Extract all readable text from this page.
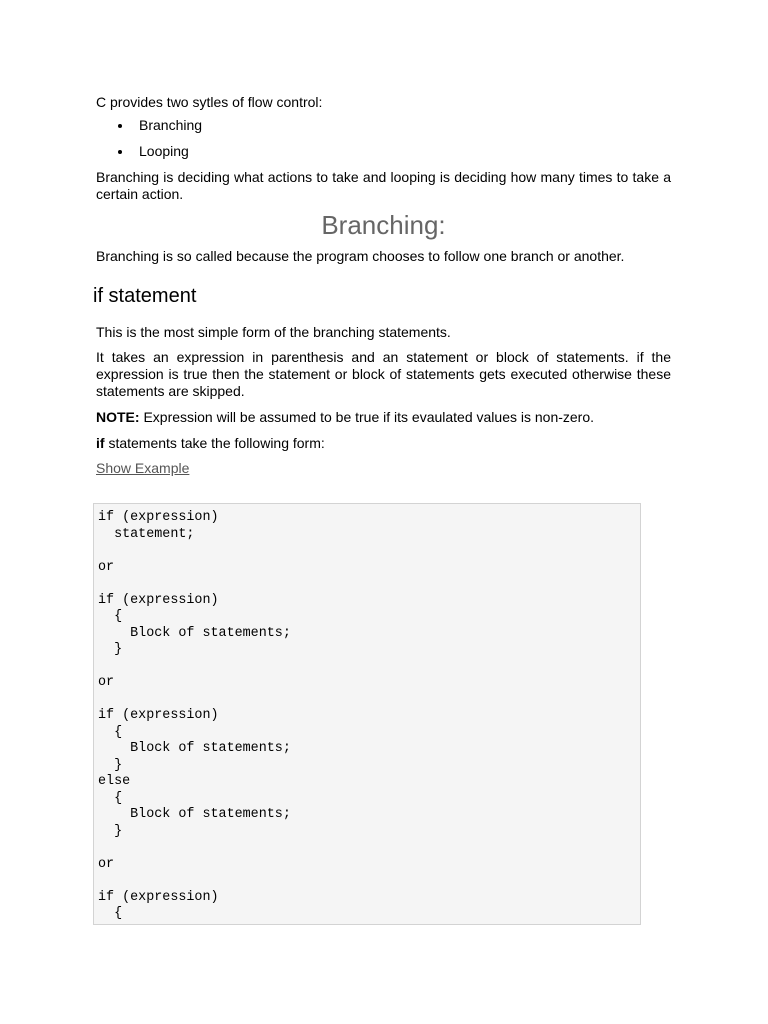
C provides two sytles of flow control:

Branching
Looping

Branching is deciding what actions to take and looping is deciding how many times to take a certain action.

Branching:

Branching is so called because the program chooses to follow one branch or another.

if statement

This is the most simple form of the branching statements.

It takes an expression in parenthesis and an statement or block of statements. if the expression is true then the statement or block of statements gets executed otherwise these statements are skipped.

NOTE: Expression will be assumed to be true if its evaulated values is non-zero.

if statements take the following form:

Show Example
if (expression)
statement;

or

if (expression)
{
Block of statements;
}

or

if (expression)
{
Block of statements;
}
else
{
Block of statements;
}

or

if (expression)
{
